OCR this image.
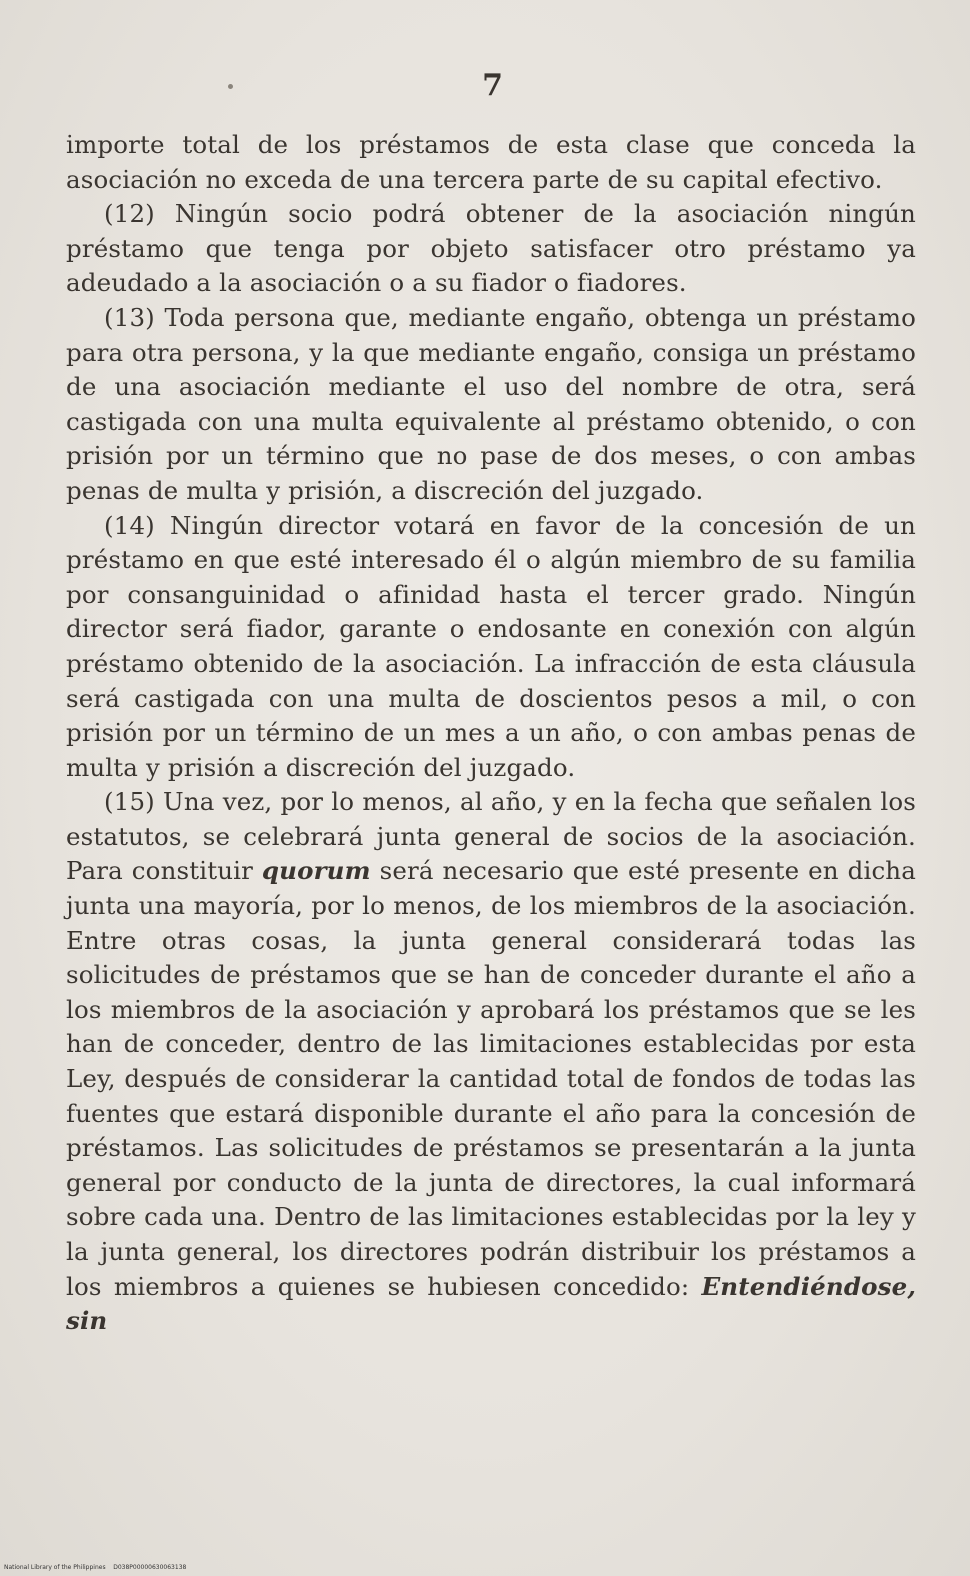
7

importe total de los préstamos de esta clase que conceda la asociación no exceda de una tercera parte de su capital efectivo.

(12) Ningún socio podrá obtener de la asociación ningún préstamo que tenga por objeto satisfacer otro préstamo ya adeudado a la asociación o a su fiador o fiadores.

(13) Toda persona que, mediante engaño, obtenga un préstamo para otra persona, y la que mediante engaño, consiga un préstamo de una asociación mediante el uso del nombre de otra, será castigada con una multa equivalente al préstamo obtenido, o con prisión por un término que no pase de dos meses, o con ambas penas de multa y prisión, a discreción del juzgado.

(14) Ningún director votará en favor de la concesión de un préstamo en que esté interesado él o algún miembro de su familia por consanguinidad o afinidad hasta el tercer grado. Ningún director será fiador, garante o endosante en conexión con algún préstamo obtenido de la asociación. La infracción de esta cláusula será castigada con una multa de doscientos pesos a mil, o con prisión por un término de un mes a un año, o con ambas penas de multa y prisión a discreción del juzgado.

(15) Una vez, por lo menos, al año, y en la fecha que señalen los estatutos, se celebrará junta general de socios de la asociación. Para constituir quorum será necesario que esté presente en dicha junta una mayoría, por lo menos, de los miembros de la asociación. Entre otras cosas, la junta general considerará todas las solicitudes de préstamos que se han de conceder durante el año a los miembros de la asociación y aprobará los préstamos que se les han de conceder, dentro de las limitaciones establecidas por esta Ley, después de considerar la cantidad total de fondos de todas las fuentes que estará disponible durante el año para la concesión de préstamos. Las solicitudes de préstamos se presentarán a la junta general por conducto de la junta de directores, la cual informará sobre cada una. Dentro de las limitaciones establecidas por la ley y la junta general, los directores podrán distribuir los préstamos a los miembros a quienes se hubiesen concedido: Entendiéndose, sin

National Library of the Philippines    D038P00000630063138
